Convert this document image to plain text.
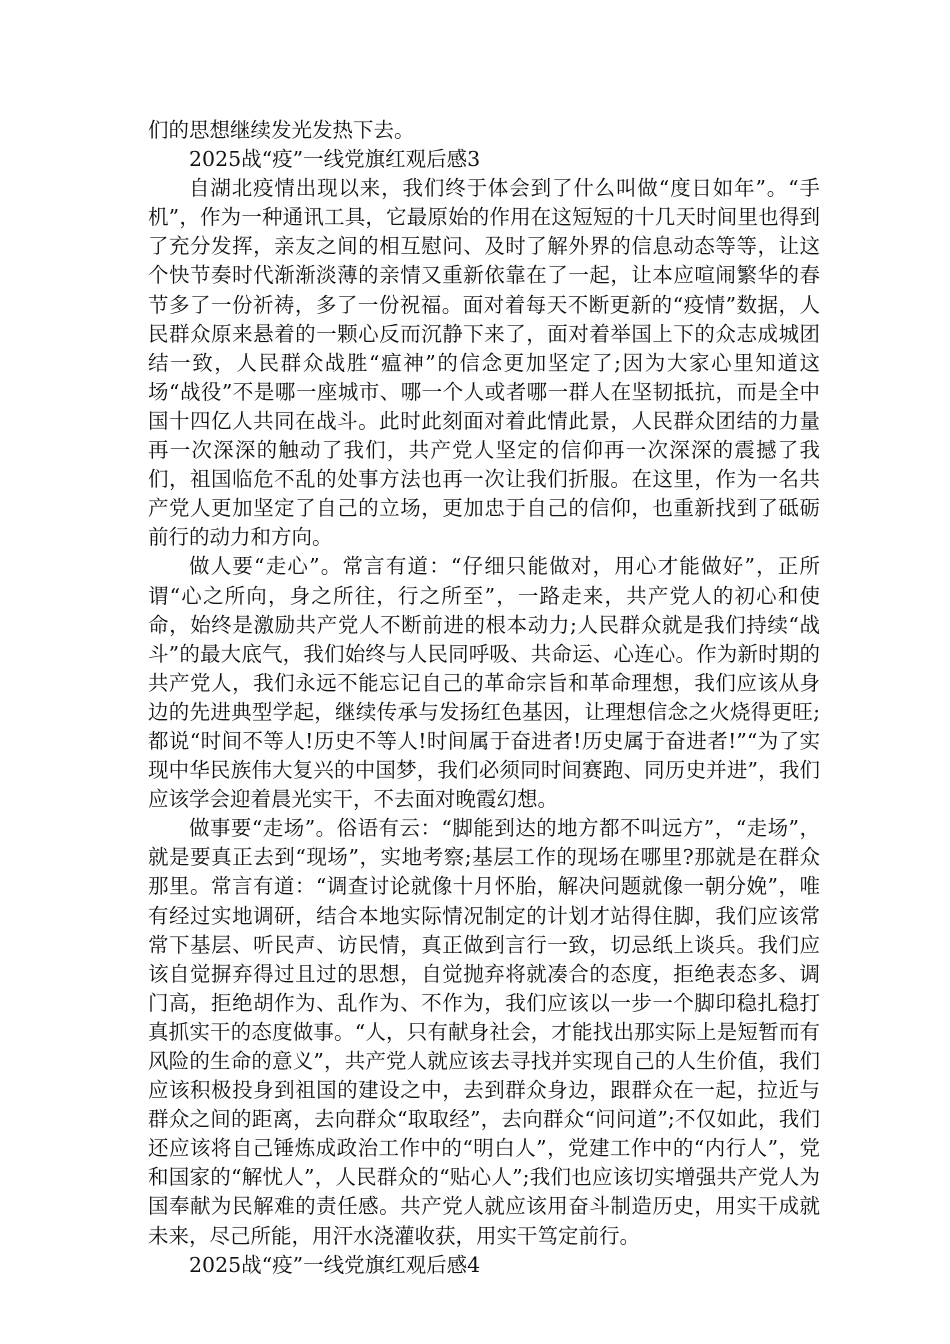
们的思想继续发光发热下去。

2025战“疫”一线党旗红观后感3

自湖北疫情出现以来，我们终于体会到了什么叫做“度日如年”。“手机”，作为一种通讯工具，它最原始的作用在这短短的十几天时间里也得到了充分发挥，亲友之间的相互慰问、及时了解外界的信息动态等等，让这个快节奏时代渐渐淡薄的亲情又重新依靠在了一起，让本应喧闹繁华的春节多了一份祈祷，多了一份祝福。面对着每天不断更新的“疫情”数据，人民群众原来悬着的一颗心反而沉静下来了，面对着举国上下的众志成城团结一致，人民群众战胜“瘟神”的信念更加坚定了;因为大家心里知道这场“战役”不是哪一座城市、哪一个人或者哪一群人在坚韧抵抗，而是全中国十四亿人共同在战斗。此时此刻面对着此情此景，人民群众团结的力量再一次深深的触动了我们，共产党人坚定的信仰再一次深深的震撼了我们，祖国临危不乱的处事方法也再一次让我们折服。在这里，作为一名共产党人更加坚定了自己的立场，更加忠于自己的信仰，也重新找到了砥砺前行的动力和方向。

做人要“走心”。常言有道：“仔细只能做对，用心才能做好”，正所谓“心之所向，身之所往，行之所至”，一路走来，共产党人的初心和使命，始终是激励共产党人不断前进的根本动力;人民群众就是我们持续“战斗”的最大底气，我们始终与人民同呼吸、共命运、心连心。作为新时期的共产党人，我们永远不能忘记自己的革命宗旨和革命理想，我们应该从身边的先进典型学起，继续传承与发扬红色基因，让理想信念之火烧得更旺;都说“时间不等人!历史不等人!时间属于奋进者!历史属于奋进者!”“为了实现中华民族伟大复兴的中国梦，我们必须同时间赛跑、同历史并进”，我们应该学会迎着晨光实干，不去面对晚霞幻想。

做事要“走场”。俗语有云：“脚能到达的地方都不叫远方”，“走场”，就是要真正去到“现场”，实地考察;基层工作的现场在哪里?那就是在群众那里。常言有道：“调查讨论就像十月怀胎，解决问题就像一朝分娩”，唯有经过实地调研，结合本地实际情况制定的计划才站得住脚，我们应该常常下基层、听民声、访民情，真正做到言行一致，切忌纸上谈兵。我们应该自觉摒弃得过且过的思想，自觉抛弃将就凑合的态度，拒绝表态多、调门高，拒绝胡作为、乱作为、不作为，我们应该以一步一个脚印稳扎稳打真抓实干的态度做事。“人，只有献身社会，才能找出那实际上是短暂而有风险的生命的意义”，共产党人就应该去寻找并实现自己的人生价值，我们应该积极投身到祖国的建设之中，去到群众身边，跟群众在一起，拉近与群众之间的距离，去向群众“取取经”，去向群众“问问道”;不仅如此，我们还应该将自己锤炼成政治工作中的“明白人”，党建工作中的“内行人”，党和国家的“解忧人”，人民群众的“贴心人”;我们也应该切实增强共产党人为国奉献为民解难的责任感。共产党人就应该用奋斗制造历史，用实干成就未来，尽己所能，用汗水浇灌收获，用实干笃定前行。

2025战“疫”一线党旗红观后感4
